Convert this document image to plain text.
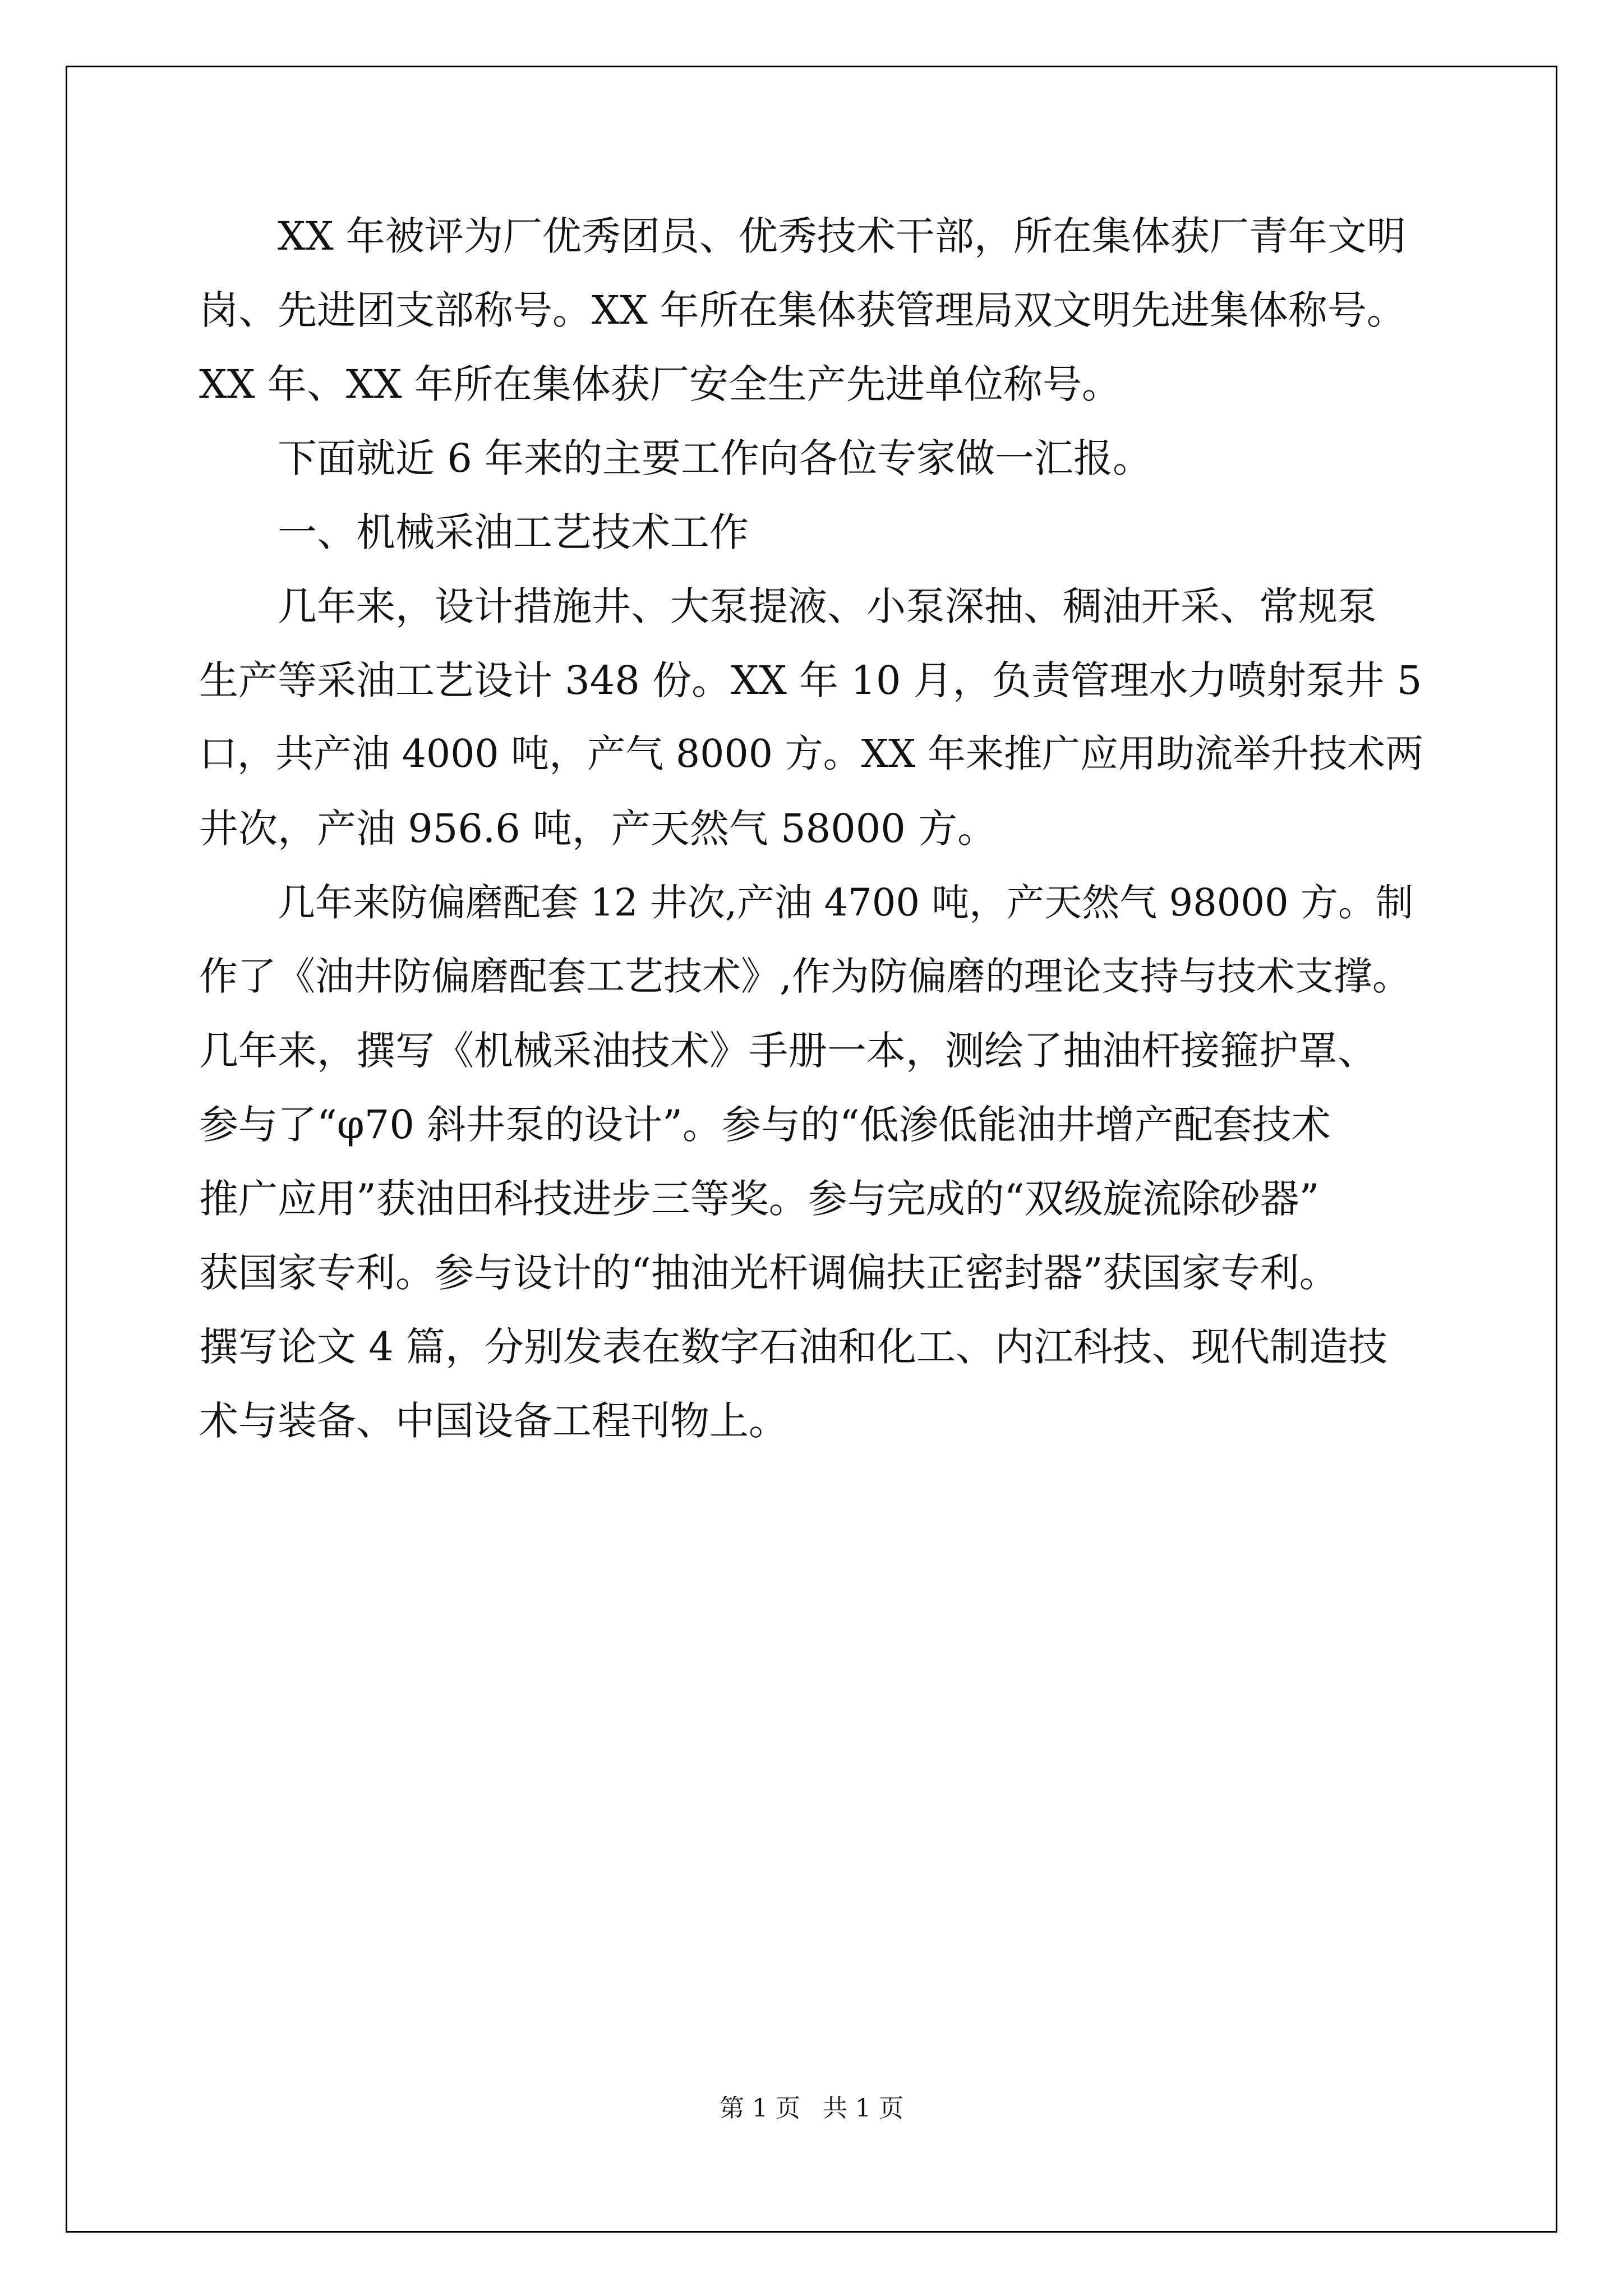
XX 年被评为厂优秀团员、优秀技术干部，所在集体获厂青年文明
岗、先进团支部称号。XX 年所在集体获管理局双文明先进集体称号。
XX 年、XX 年所在集体获厂安全生产先进单位称号。
下面就近 6 年来的主要工作向各位专家做一汇报。
一、机械采油工艺技术工作
几年来，设计措施井、大泵提液、小泵深抽、稠油开采、常规泵
生产等采油工艺设计 348 份。XX 年 10 月，负责管理水力喷射泵井 5
口，共产油 4000 吨，产气 8000 方。XX 年来推广应用助流举升技术两
井次，产油 956.6 吨，产天然气 58000 方。
几年来防偏磨配套 12 井次,产油 4700 吨，产天然气 98000 方。制
作了《油井防偏磨配套工艺技术》,作为防偏磨的理论支持与技术支撑。
几年来，撰写《机械采油技术》手册一本，测绘了抽油杆接箍护罩、
参与了“φ70 斜井泵的设计”。参与的“低渗低能油井增产配套技术
推广应用”获油田科技进步三等奖。参与完成的“双级旋流除砂器”
获国家专利。参与设计的“抽油光杆调偏扶正密封器”获国家专利。
撰写论文 4 篇，分别发表在数字石油和化工、内江科技、现代制造技
术与装备、中国设备工程刊物上。
第 1 页 共 1 页
